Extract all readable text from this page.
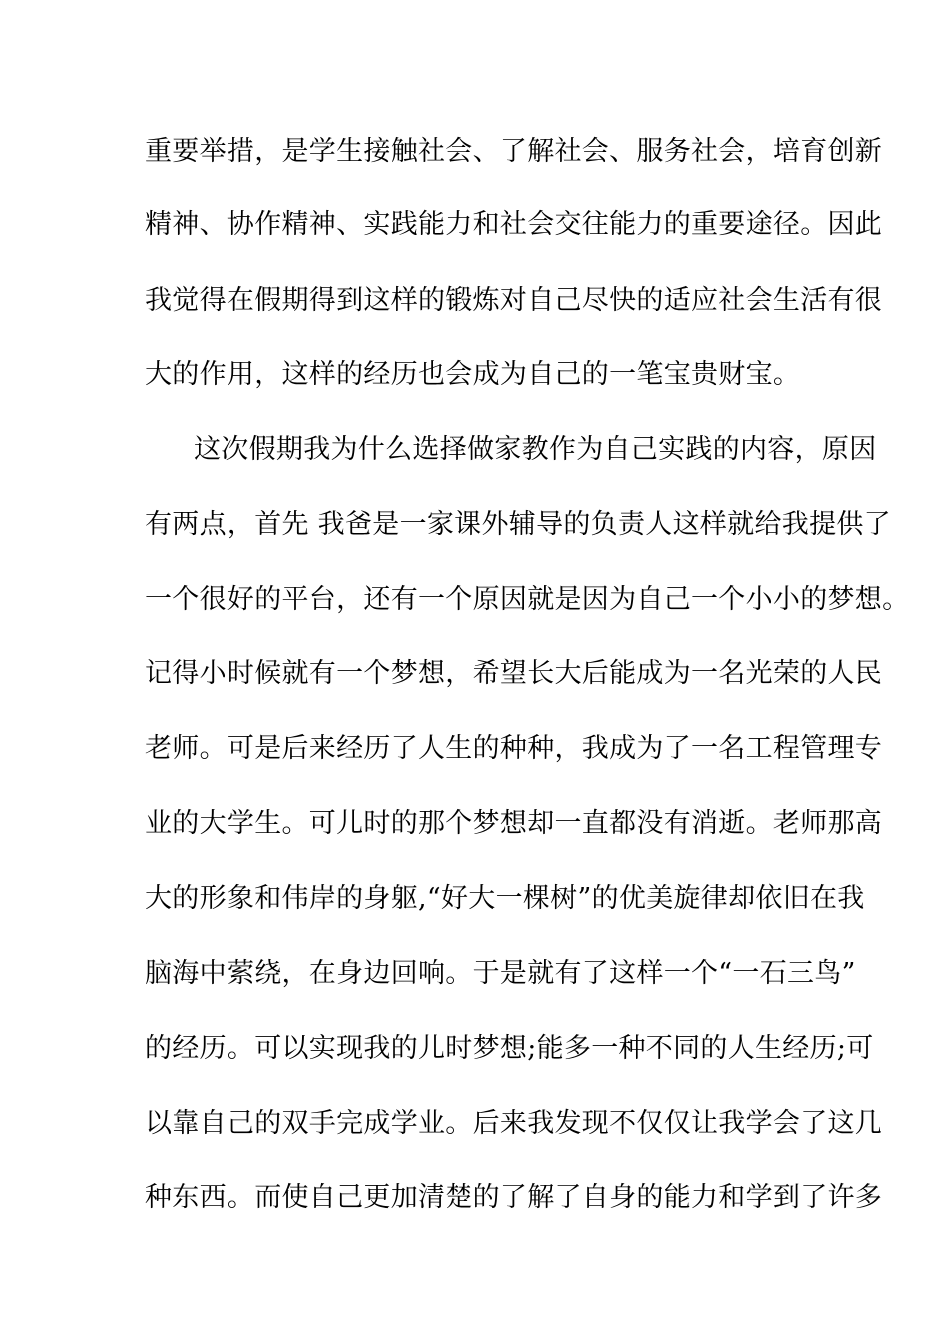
重要举措，是学生接触社会、了解社会、服务社会，培育创新
精神、协作精神、实践能力和社会交往能力的重要途径。因此
我觉得在假期得到这样的锻炼对自己尽快的适应社会生活有很
大的作用，这样的经历也会成为自己的一笔宝贵财宝。
这次假期我为什么选择做家教作为自己实践的内容，原因
有两点，首先 我爸是一家课外辅导的负责人这样就给我提供了
一个很好的平台，还有一个原因就是因为自己一个小小的梦想。
记得小时候就有一个梦想，希望长大后能成为一名光荣的人民
老师。可是后来经历了人生的种种，我成为了一名工程管理专
业的大学生。可儿时的那个梦想却一直都没有消逝。老师那高
大的形象和伟岸的身躯,“好大一棵树”的优美旋律却依旧在我
脑海中萦绕，在身边回响。于是就有了这样一个“一石三鸟”
的经历。可以实现我的儿时梦想;能多一种不同的人生经历;可
以靠自己的双手完成学业。后来我发现不仅仅让我学会了这几
种东西。而使自己更加清楚的了解了自身的能力和学到了许多
